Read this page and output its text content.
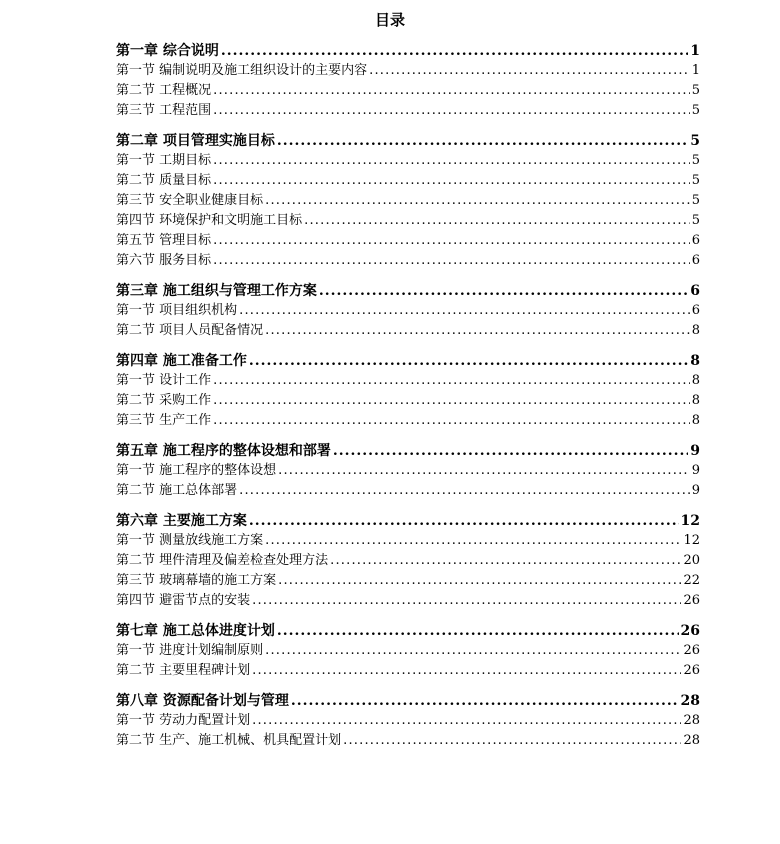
目录
第一章 综合说明 .....	1
第一节 编制说明及施工组织设计的主要内容 .....	1
第二节 工程概况 .....	5
第三节 工程范围 .....	5
第二章 项目管理实施目标 .....	5
第一节 工期目标 .....	5
第二节 质量目标 .....	5
第三节 安全职业健康目标 .....	5
第四节 环境保护和文明施工目标 .....	5
第五节 管理目标 .....	6
第六节 服务目标 .....	6
第三章 施工组织与管理工作方案 .....	6
第一节 项目组织机构 .....	6
第二节 项目人员配备情况 .....	8
第四章 施工准备工作 .....	8
第一节 设计工作 .....	8
第二节 采购工作 .....	8
第三节 生产工作 .....	8
第五章 施工程序的整体设想和部署 .....	9
第一节 施工程序的整体设想 .....	9
第二节 施工总体部署 .....	9
第六章 主要施工方案 .....	12
第一节 测量放线施工方案 .....	12
第二节 埋件清理及偏差检查处理方法 .....	20
第三节 玻璃幕墙的施工方案 .....	22
第四节 避雷节点的安装 .....	26
第七章 施工总体进度计划 .....	26
第一节 进度计划编制原则 .....	26
第二节 主要里程碑计划 .....	26
第八章 资源配备计划与管理 .....	28
第一节 劳动力配置计划 .....	28
第二节 生产、施工机械、机具配置计划 .....	28
